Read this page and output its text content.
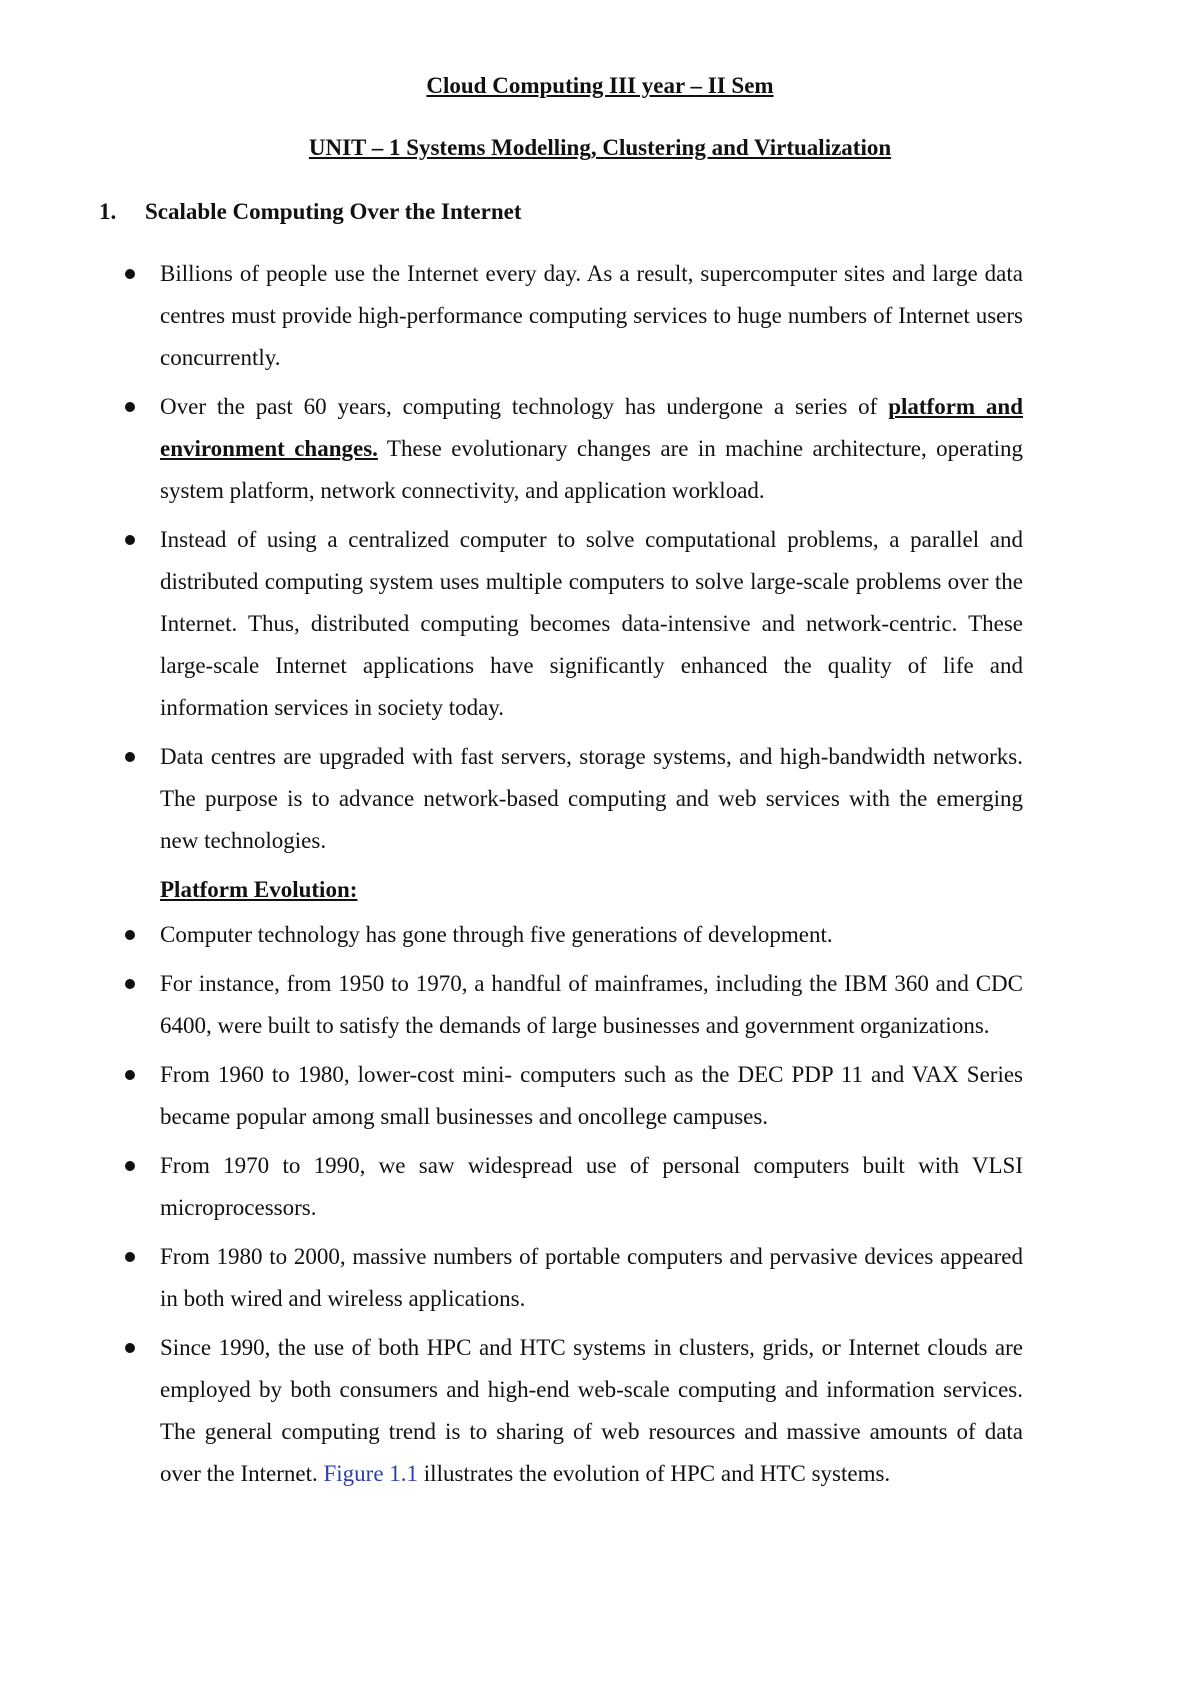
Cloud Computing III year – II Sem
UNIT – 1 Systems Modelling, Clustering and Virtualization
1.	Scalable Computing Over the Internet
Billions of people use the Internet every day. As a result, supercomputer sites and large data centres must provide high-performance computing services to huge numbers of Internet users concurrently.
Over the past 60 years, computing technology has undergone a series of platform and environment changes. These evolutionary changes are in machine architecture, operating system platform, network connectivity, and application workload.
Instead of using a centralized computer to solve computational problems, a parallel and distributed computing system uses multiple computers to solve large-scale problems over the Internet. Thus, distributed computing becomes data-intensive and network-centric. These large-scale Internet applications have significantly enhanced the quality of life and information services in society today.
Data centres are upgraded with fast servers, storage systems, and high-bandwidth networks. The purpose is to advance network-based computing and web services with the emerging new technologies.
Platform Evolution:
Computer technology has gone through five generations of development.
For instance, from 1950 to 1970, a handful of mainframes, including the IBM 360 and CDC 6400, were built to satisfy the demands of large businesses and government organizations.
From 1960 to 1980, lower-cost mini- computers such as the DEC PDP 11 and VAX Series became popular among small businesses and oncollege campuses.
From 1970 to 1990, we saw widespread use of personal computers built with VLSI microprocessors.
From 1980 to 2000, massive numbers of portable computers and pervasive devices appeared in both wired and wireless applications.
Since 1990, the use of both HPC and HTC systems in clusters, grids, or Internet clouds are employed by both consumers and high-end web-scale computing and information services. The general computing trend is to sharing of web resources and massive amounts of data over the Internet. Figure 1.1 illustrates the evolution of HPC and HTC systems.
